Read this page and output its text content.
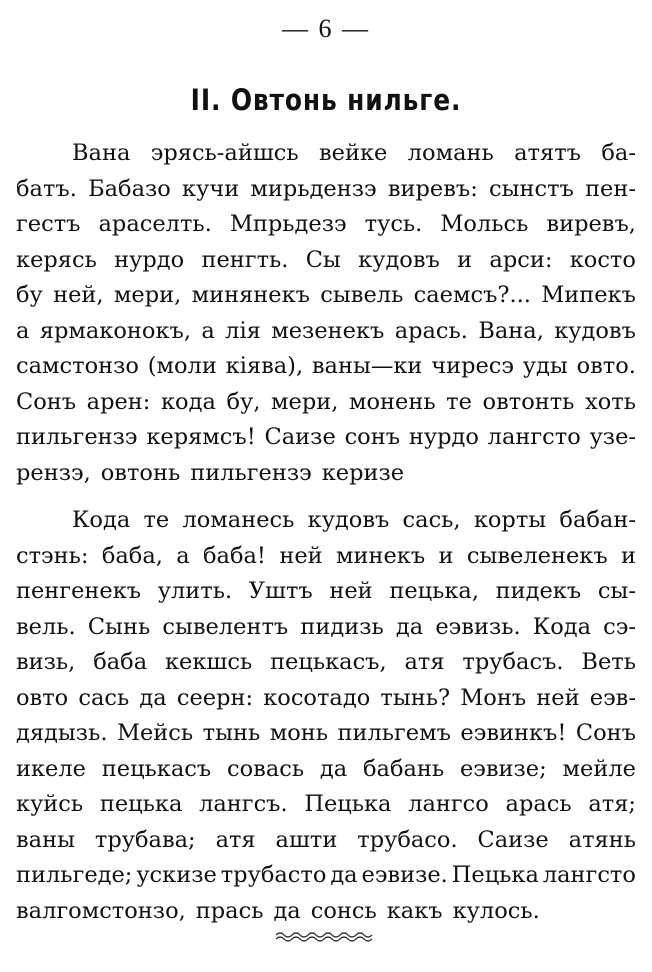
— 6 —
II. Овтонь нильге.
Вана эрясь-айшсь вейке ломань атятъ ба-
батъ. Бабазо кучи мирьдензэ виревъ: сынстъ пен-
гестъ араселть. Мпрьдезэ тусь. Мольсь виревъ,
керясь нурдо пенгть. Сы кудовъ и арси: косто
бу ней, мери, минянекъ сывель саемсъ?... Мипекъ
а ярмаконокъ, а лія мезенекъ арась. Вана, кудовъ
самстонзо (моли кіява), ваны—ки чиресэ уды овто.
Сонъ арен: кода бу, мери, монень те овтонть хоть
пильгензэ керямсъ! Саизе сонъ нурдо лангсто узе-
рензэ, овтонь пильгензэ керизе
Кода те ломанесь кудовъ сась, корты бабан-
стэнь: баба, а баба! ней минекъ и сывеленекъ и
пенгенекъ улить. Уштъ ней пецька, пидекъ сы-
вель. Сынь сывелентъ пидизь да еэвизь. Кода сэ-
визь, баба кекшсь пецькасъ, атя трубасъ. Веть
овто сась да сеерн: косотадо тынь? Монъ ней еэв-
дядызь. Мейсь тынь монь пильгемъ еэвинкъ! Сонъ
икеле пецькасъ совась да бабань еэвизе; мейле
куйсь пецька лангсъ. Пецька лангсо арась атя;
ваны трубава; атя ашти трубасо. Саизе атянь
пильгеде; ускизе трубасто да еэвизе. Пецька лангсто
валгомстонзо, прась да сонсь какъ кулось.
